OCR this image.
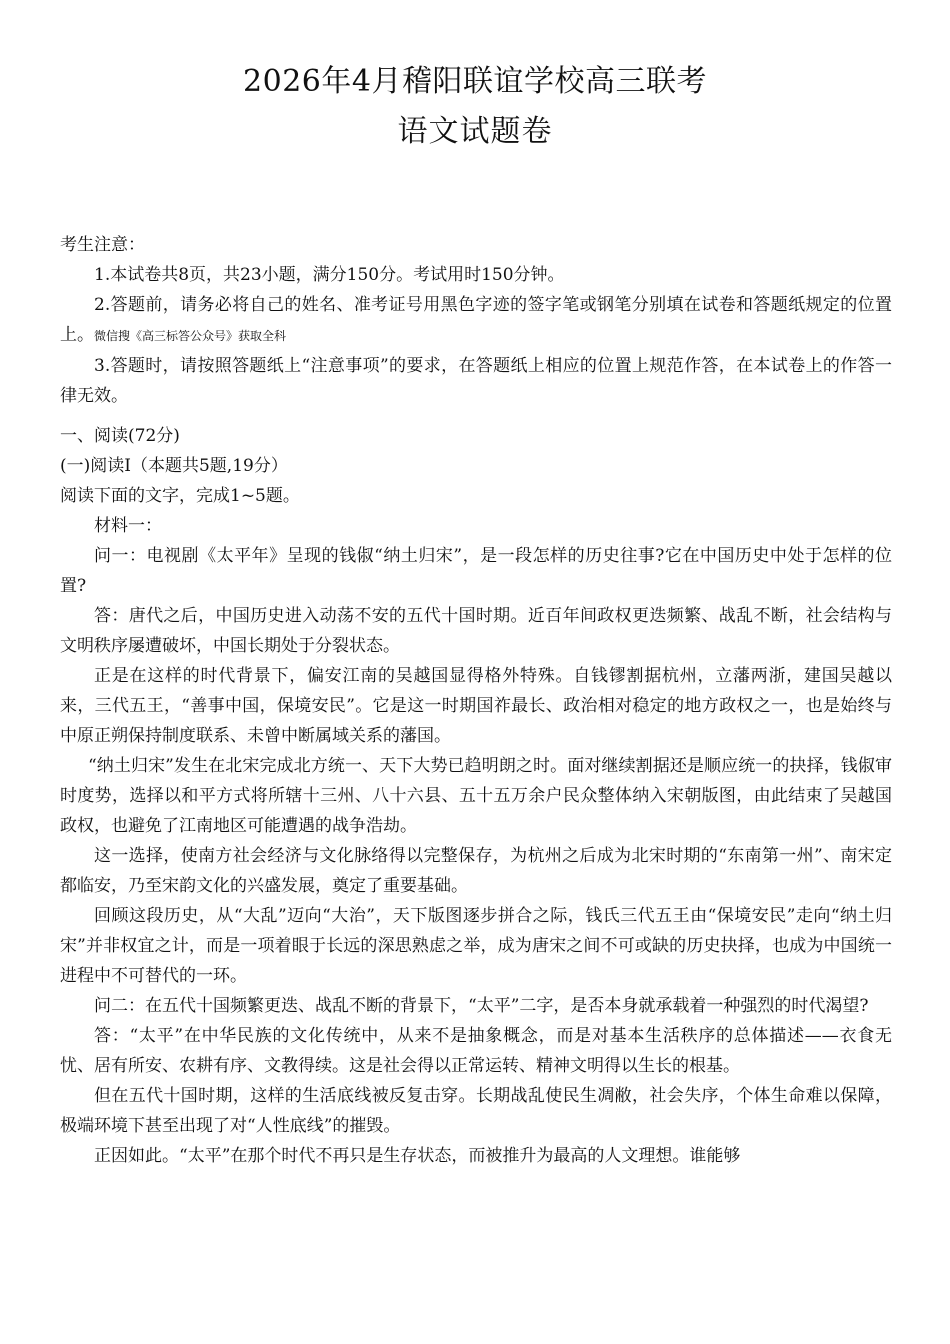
2026年4月稽阳联谊学校高三联考
语文试题卷

考生注意：

1.本试卷共8页，共23小题，满分150分。考试用时150分钟。

2.答题前，请务必将自己的姓名、准考证号用黑色字迹的签字笔或钢笔分别填在试卷和答题纸规定的位置上。微信搜《高三标答公众号》获取全科

3.答题时，请按照答题纸上“注意事项”的要求，在答题纸上相应的位置上规范作答，在本试卷上的作答一律无效。

一、阅读(72分)

(一)阅读Ⅰ（本题共5题,19分）

阅读下面的文字，完成1~5题。

材料一：

问一：电视剧《太平年》呈现的钱俶“纳土归宋”，是一段怎样的历史往事?它在中国历史中处于怎样的位置?

答：唐代之后，中国历史进入动荡不安的五代十国时期。近百年间政权更迭频繁、战乱不断，社会结构与文明秩序屡遭破坏，中国长期处于分裂状态。

正是在这样的时代背景下，偏安江南的吴越国显得格外特殊。自钱镠割据杭州，立藩两浙，建国吴越以来，三代五王，“善事中国，保境安民”。它是这一时期国祚最长、政治相对稳定的地方政权之一，也是始终与中原正朔保持制度联系、未曾中断属域关系的藩国。

“纳土归宋”发生在北宋完成北方统一、天下大势已趋明朗之时。面对继续割据还是顺应统一的抉择，钱俶审时度势，选择以和平方式将所辖十三州、八十六县、五十五万余户民众整体纳入宋朝版图，由此结束了吴越国政权，也避免了江南地区可能遭遇的战争浩劫。

这一选择，使南方社会经济与文化脉络得以完整保存，为杭州之后成为北宋时期的“东南第一州”、南宋定都临安，乃至宋韵文化的兴盛发展，奠定了重要基础。

回顾这段历史，从“大乱”迈向“大治”，天下版图逐步拼合之际，钱氏三代五王由“保境安民”走向“纳土归宋”并非权宜之计，而是一项着眼于长远的深思熟虑之举，成为唐宋之间不可或缺的历史抉择，也成为中国统一进程中不可替代的一环。

问二：在五代十国频繁更迭、战乱不断的背景下，“太平”二字，是否本身就承载着一种强烈的时代渴望?

答：“太平”在中华民族的文化传统中，从来不是抽象概念，而是对基本生活秩序的总体描述——衣食无忧、居有所安、农耕有序、文教得续。这是社会得以正常运转、精神文明得以生长的根基。

但在五代十国时期，这样的生活底线被反复击穿。长期战乱使民生凋敝，社会失序，个体生命难以保障，极端环境下甚至出现了对“人性底线”的摧毁。

正因如此。“太平”在那个时代不再只是生存状态，而被推升为最高的人文理想。谁能够
